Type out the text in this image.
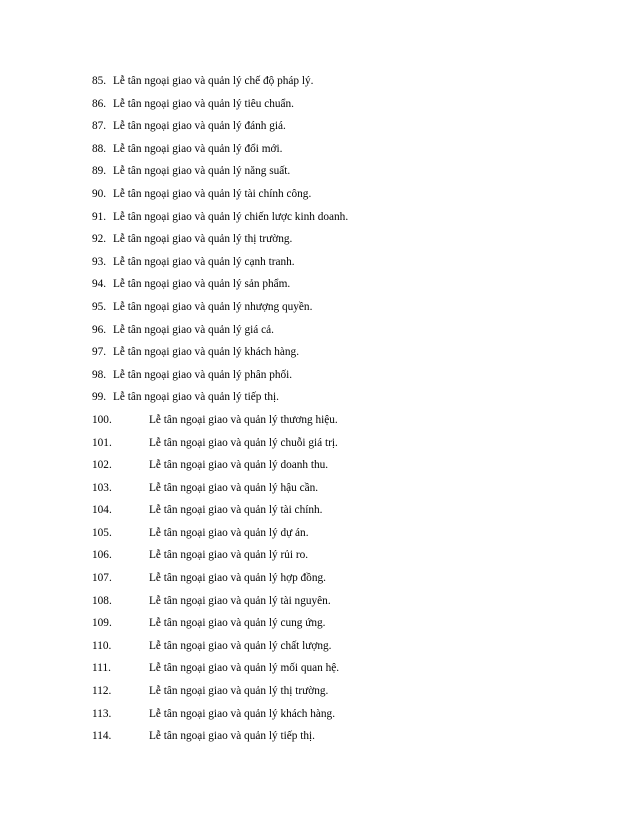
85. Lễ tân ngoại giao và quản lý chế độ pháp lý.
86. Lễ tân ngoại giao và quản lý tiêu chuẩn.
87. Lễ tân ngoại giao và quản lý đánh giá.
88. Lễ tân ngoại giao và quản lý đổi mới.
89. Lễ tân ngoại giao và quản lý năng suất.
90. Lễ tân ngoại giao và quản lý tài chính công.
91. Lễ tân ngoại giao và quản lý chiến lược kinh doanh.
92. Lễ tân ngoại giao và quản lý thị trường.
93. Lễ tân ngoại giao và quản lý cạnh tranh.
94. Lễ tân ngoại giao và quản lý sản phẩm.
95. Lễ tân ngoại giao và quản lý nhượng quyền.
96. Lễ tân ngoại giao và quản lý giá cả.
97. Lễ tân ngoại giao và quản lý khách hàng.
98. Lễ tân ngoại giao và quản lý phân phối.
99. Lễ tân ngoại giao và quản lý tiếp thị.
100.	Lễ tân ngoại giao và quản lý thương hiệu.
101.	Lễ tân ngoại giao và quản lý chuỗi giá trị.
102.	Lễ tân ngoại giao và quản lý doanh thu.
103.	Lễ tân ngoại giao và quản lý hậu cần.
104.	Lễ tân ngoại giao và quản lý tài chính.
105.	Lễ tân ngoại giao và quản lý dự án.
106.	Lễ tân ngoại giao và quản lý rủi ro.
107.	Lễ tân ngoại giao và quản lý hợp đồng.
108.	Lễ tân ngoại giao và quản lý tài nguyên.
109.	Lễ tân ngoại giao và quản lý cung ứng.
110.	Lễ tân ngoại giao và quản lý chất lượng.
111.	Lễ tân ngoại giao và quản lý mối quan hệ.
112.	Lễ tân ngoại giao và quản lý thị trường.
113.	Lễ tân ngoại giao và quản lý khách hàng.
114.	Lễ tân ngoại giao và quản lý tiếp thị.
